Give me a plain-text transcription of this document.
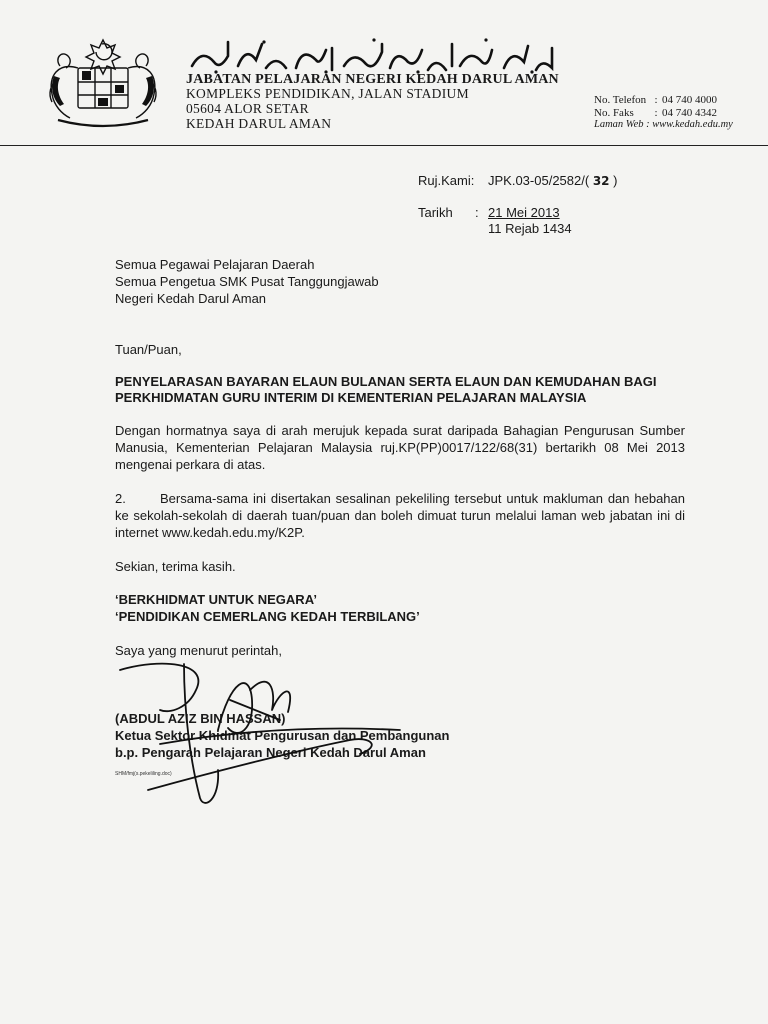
JABATAN PELAJARAN NEGERI KEDAH DARUL AMAN
KOMPLEKS PENDIDIKAN, JALAN STADIUM
05604 ALOR SETAR
KEDAH DARUL AMAN
No. Telefon : 04 740 4000
No. Faks : 04 740 4342
Laman Web : www.kedah.edu.my
Ruj.Kami: JPK.03-05/2582/( 32 )
Tarikh : 21 Mei 2013
11 Rejab 1434
Semua Pegawai Pelajaran Daerah
Semua Pengetua SMK Pusat Tanggungjawab
Negeri Kedah Darul Aman
Tuan/Puan,
PENYELARASAN BAYARAN ELAUN BULANAN SERTA ELAUN DAN KEMUDAHAN BAGI
PERKHIDMATAN GURU INTERIM DI KEMENTERIAN PELAJARAN MALAYSIA
Dengan hormatnya saya di arah merujuk kepada surat daripada Bahagian Pengurusan Sumber Manusia, Kementerian Pelajaran Malaysia ruj.KP(PP)0017/122/68(31) bertarikh 08 Mei 2013 mengenai perkara di atas.
2.	Bersama-sama ini disertakan sesalinan pekeliling tersebut untuk makluman dan hebahan ke sekolah-sekolah di daerah tuan/puan dan boleh dimuat turun melalui laman web jabatan ini di internet www.kedah.edu.my/K2P.
Sekian, terima kasih.
‘BERKHIDMAT UNTUK NEGARA’
‘PENDIDIKAN CEMERLANG KEDAH TERBILANG’
Saya yang menurut perintah,
(ABDUL AZIZ BIN HASSAN)
Ketua Sektor Khidmat Pengurusan dan Pembangunan
b.p. Pengarah Pelajaran Negeri Kedah Darul Aman
SHM/fmj(s.pekeliling.doc)
